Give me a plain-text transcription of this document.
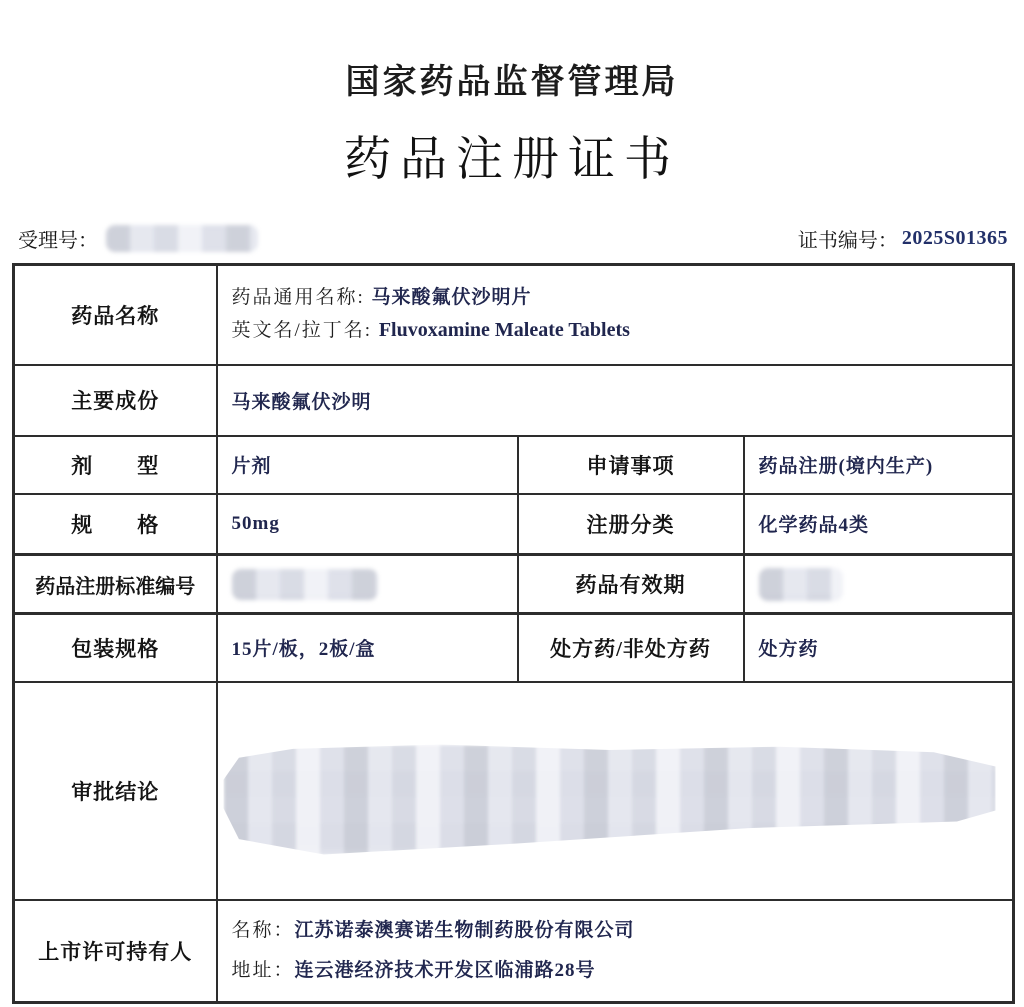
国家药品监督管理局
药品注册证书
受理号：	证书编号： 2025S01365
药品名称	药品通用名称: 马来酸氟伏沙明片
英文名/拉丁名: Fluvoxamine Maleate Tablets		

主要成份	马来酸氟伏沙明		
剂　　型	片剂	申请事项	药品注册(境内生产)
规　　格	50mg	注册分类	化学药品4类
药品注册标准编号		药品有效期	
包装规格	15片/板，2板/盒	处方药/非处方药	处方药
审批结论			

上市许可持有人	名称：江苏诺泰澳赛诺生物制药股份有限公司
地址：连云港经济技术开发区临浦路28号		
